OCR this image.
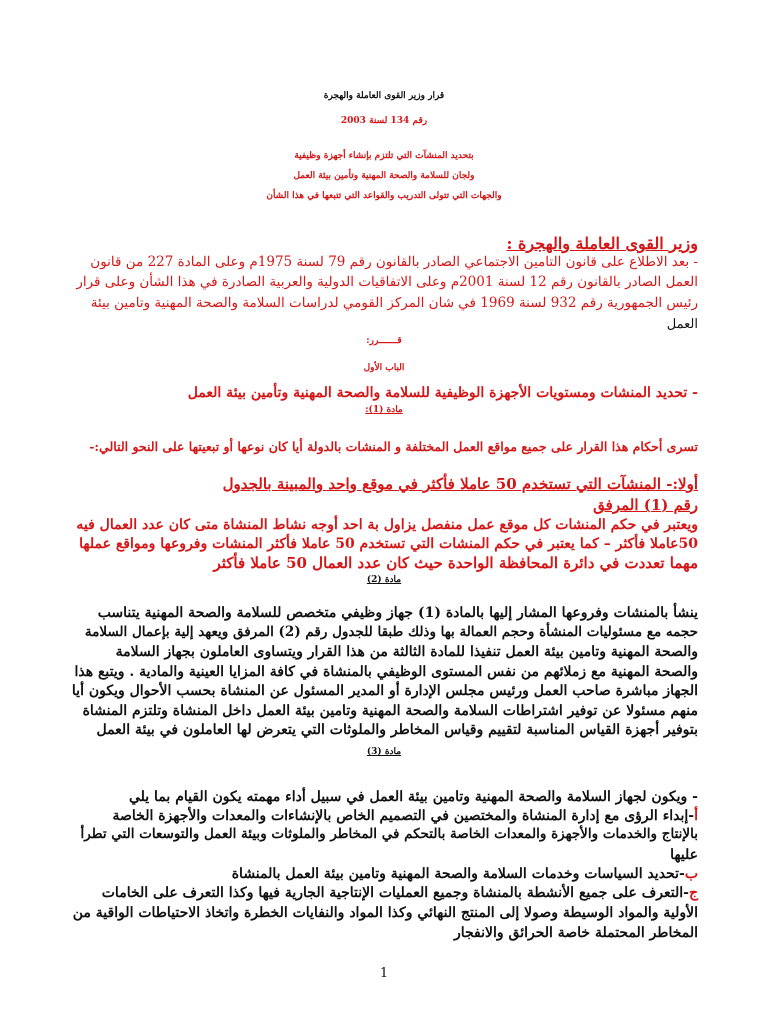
قرار وزير القوى العاملة والهجرة
رقم 134 لسنة 2003
بتحديد المنشآت التي تلتزم بإنشاء أجهزة وظيفية
ولجان للسلامة والصحة المهنية وتأمين بيئة العمل
والجهات التي تتولى التدريب والقواعد التي تتبعها في هذا الشأن
وزير القوى العاملة والهجرة :
- بعد الاطلاع على قانون التامين الاجتماعي الصادر بالقانون رقم 79 لسنة 1975م وعلى المادة 227 من قانون
العمل الصادر بالقانون رقم 12 لسنة 2001م وعلى الاتفاقيات الدولية والعربية الصادرة في هذا الشأن وعلى قرار
رئيس الجمهورية رقم 932 لسنة 1969 في شان المركز القومي لدراسات السلامة والصحة المهنية وتامين بيئة
العمل
قـــــــرر:
الباب الأول
- تحديد المنشات ومستويات الأجهزة الوظيفية للسلامة والصحة المهنية وتأمين بيئة العمل
مادة (1):
تسرى أحكام هذا القرار على جميع مواقع العمل المختلفة و المنشات بالدولة أيا كان نوعها أو تبعيتها على النحو التالي:-
أولا:- المنشآت التي تستخدم 50 عاملا فأكثر في موقع واحد والمبينة بالجدول
رقم (1) المرفق
ويعتبر في حكم المنشات كل موقع عمل منفصل يزاول بة احد أوجه نشاط المنشاة متى كان عدد العمال فيه
50عاملا فأكثر – كما يعتبر في حكم المنشات التي تستخدم 50 عاملا فأكثر المنشات وفروعها ومواقع عملها
مهما تعددت في دائرة المحافظة الواحدة حيث كان عدد العمال 50 عاملا فأكثر
مادة (2)
ينشأ بالمنشات وفروعها المشار إليها بالمادة (1) جهاز وظيفي متخصص للسلامة والصحة المهنية يتناسب
حجمه مع مسئوليات المنشأة وحجم العمالة بها وذلك طبقا للجدول رقم (2) المرفق ويعهد إلية بإعمال السلامة
والصحة المهنية وتامين بيئة العمل تنفيذا للمادة الثالثة من هذا القرار ويتساوى العاملون بجهاز السلامة
والصحة المهنية مع زملائهم من نفس المستوى الوظيفي بالمنشاة في كافة المزايا العينية والمادية . ويتبع هذا
الجهاز مباشرة صاحب العمل ورئيس مجلس الإدارة أو المدير المسئول عن المنشاة بحسب الأحوال ويكون أيا
منهم مسئولا عن توفير اشتراطات السلامة والصحة المهنية وتامين بيئة العمل داخل المنشاة وتلتزم المنشاة
بتوفير أجهزة القياس المناسبة لتقييم وقياس المخاطر والملوثات التي يتعرض لها العاملون في بيئة العمل
مادة (3)
- ويكون لجهاز السلامة والصحة المهنية وتامين بيئة العمل في سبيل أداء مهمته يكون القيام بما يلي
أ-إبداء الرؤى مع إدارة المنشاة والمختصين في التصميم الخاص بالإنشاءات والمعدات والأجهزة الخاصة
بالإنتاج والخدمات والأجهزة والمعدات الخاصة بالتحكم في المخاطر والملوثات وبيئة العمل والتوسعات التي تطرأ
عليها
ب-تحديد السياسات وخدمات السلامة والصحة المهنية وتامين بيئة العمل بالمنشاة
ج-التعرف على جميع الأنشطة بالمنشاة وجميع العمليات الإنتاجية الجارية فيها وكذا التعرف على الخامات
الأولية والمواد الوسيطة وصولا إلى المنتج النهائي وكذا المواد والنفايات الخطرة واتخاذ الاحتياطات الواقية من
المخاطر المحتملة خاصة الحرائق والانفجار
1
